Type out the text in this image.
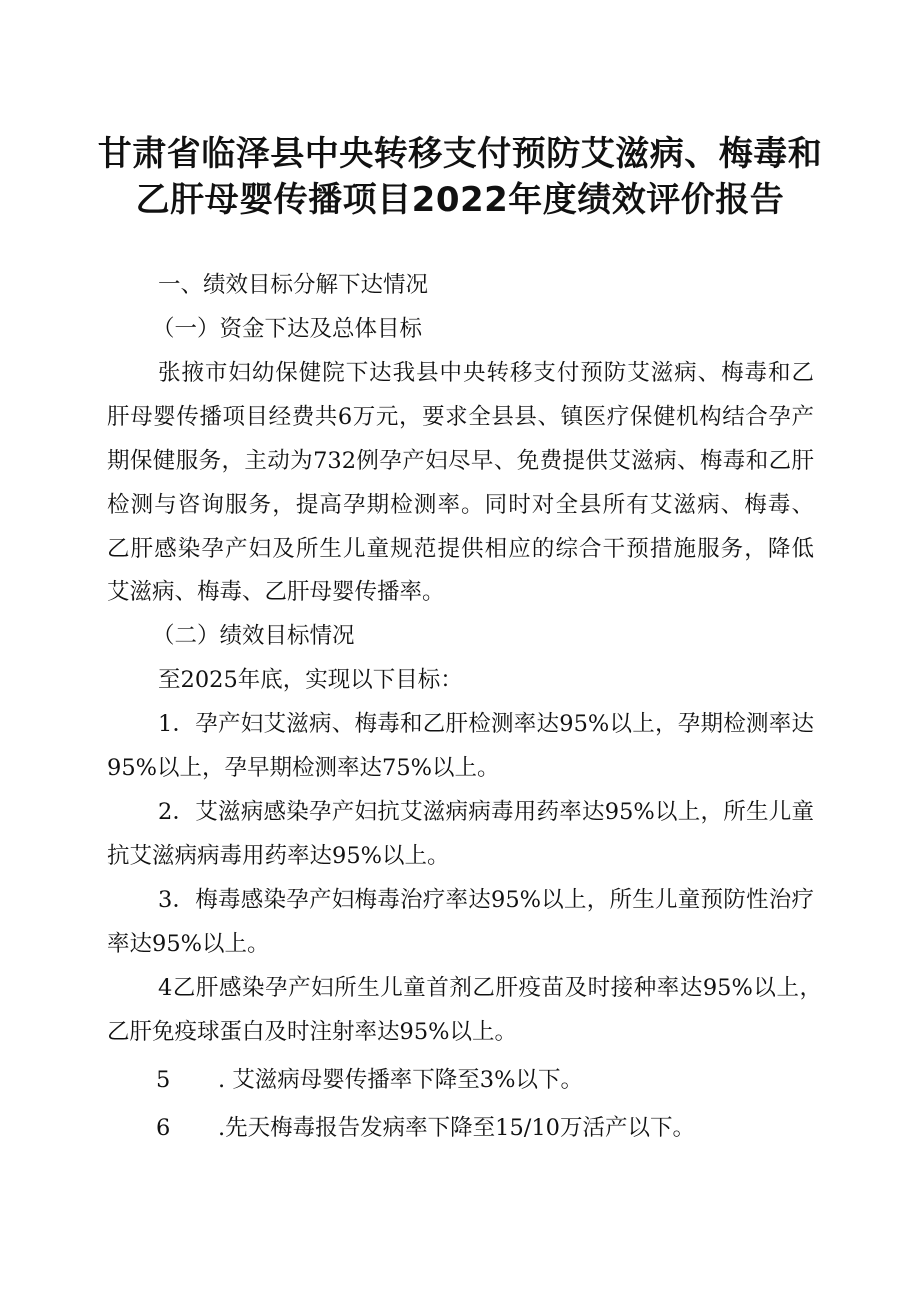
甘肃省临泽县中央转移支付预防艾滋病、梅毒和
乙肝母婴传播项目2022年度绩效评价报告

一、绩效目标分解下达情况

（一）资金下达及总体目标

张掖市妇幼保健院下达我县中央转移支付预防艾滋病、梅毒和乙

肝母婴传播项目经费共6万元，要求全县县、镇医疗保健机构结合孕产

期保健服务，主动为732例孕产妇尽早、免费提供艾滋病、梅毒和乙肝

检测与咨询服务，提高孕期检测率。同时对全县所有艾滋病、梅毒、

乙肝感染孕产妇及所生儿童规范提供相应的综合干预措施服务，降低

艾滋病、梅毒、乙肝母婴传播率。

（二）绩效目标情况

至2025年底，实现以下目标：

1．孕产妇艾滋病、梅毒和乙肝检测率达95%以上，孕期检测率达

95%以上，孕早期检测率达75%以上。

2．艾滋病感染孕产妇抗艾滋病病毒用药率达95%以上，所生儿童

抗艾滋病病毒用药率达95%以上。

3．梅毒感染孕产妇梅毒治疗率达95%以上，所生儿童预防性治疗

率达95%以上。

4乙肝感染孕产妇所生儿童首剂乙肝疫苗及时接种率达95%以上，

乙肝免疫球蛋白及时注射率达95%以上。

5 . 艾滋病母婴传播率下降至3%以下。

6 .先天梅毒报告发病率下降至15/10万活产以下。
